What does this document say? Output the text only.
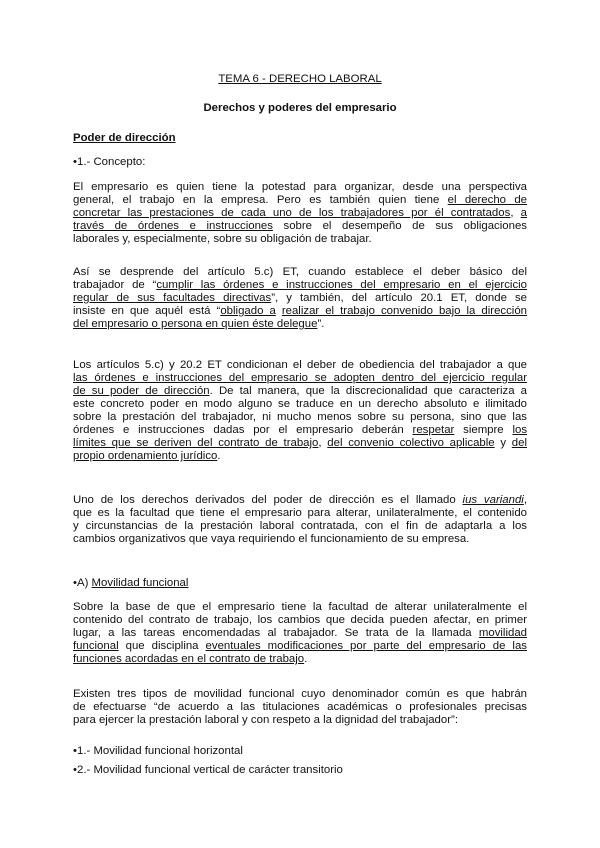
TEMA 6 - DERECHO LABORAL
Derechos y poderes del empresario
Poder de dirección
•1.- Concepto:
El empresario es quien tiene la potestad para organizar, desde una perspectiva
general, el trabajo en la empresa. Pero es también quien tiene el derecho de
concretar las prestaciones de cada uno de los trabajadores por él contratados, a
través de órdenes e instrucciones sobre el desempeño de sus obligaciones
laborales y, especialmente, sobre su obligación de trabajar.
Así se desprende del artículo 5.c) ET, cuando establece el deber básico del
trabajador de “cumplir las órdenes e instrucciones del empresario en el ejercicio
regular de sus facultades directivas”, y también, del artículo 20.1 ET, donde se
insiste en que aquél está “obligado a realizar el trabajo convenido bajo la dirección
del empresario o persona en quien éste delegue”.
Los artículos 5.c) y 20.2 ET condicionan el deber de obediencia del trabajador a que
las órdenes e instrucciones del empresario se adopten dentro del ejercicio regular
de su poder de dirección. De tal manera, que la discrecionalidad que caracteriza a
este concreto poder en modo alguno se traduce en un derecho absoluto e ilimitado
sobre la prestación del trabajador, ni mucho menos sobre su persona, sino que las
órdenes e instrucciones dadas por el empresario deberán respetar siempre los
límites que se deriven del contrato de trabajo, del convenio colectivo aplicable y del
propio ordenamiento jurídico.
Uno de los derechos derivados del poder de dirección es el llamado ius variandi,
que es la facultad que tiene el empresario para alterar, unilateralmente, el contenido
y circunstancias de la prestación laboral contratada, con el fin de adaptarla a los
cambios organizativos que vaya requiriendo el funcionamiento de su empresa.
•A) Movilidad funcional
Sobre la base de que el empresario tiene la facultad de alterar unilateralmente el
contenido del contrato de trabajo, los cambios que decida pueden afectar, en primer
lugar, a las tareas encomendadas al trabajador. Se trata de la llamada movilidad
funcional que disciplina eventuales modificaciones por parte del empresario de las
funciones acordadas en el contrato de trabajo.
Existen tres tipos de movilidad funcional cuyo denominador común es que habrán
de efectuarse “de acuerdo a las titulaciones académicas o profesionales precisas
para ejercer la prestación laboral y con respeto a la dignidad del trabajador”:
•1.- Movilidad funcional horizontal
•2.- Movilidad funcional vertical de carácter transitorio
